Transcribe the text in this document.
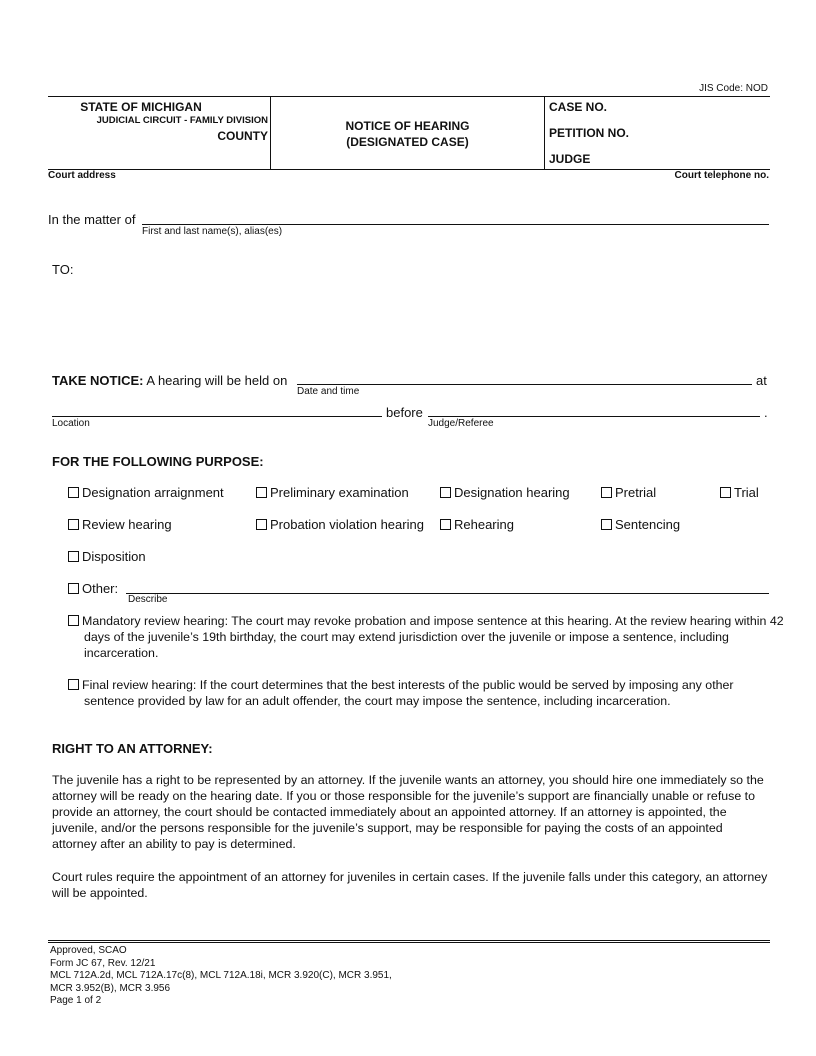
JIS Code: NOD
STATE OF MICHIGAN
JUDICIAL CIRCUIT - FAMILY DIVISION
COUNTY
NOTICE OF HEARING
(DESIGNATED CASE)
CASE NO.
PETITION NO.
JUDGE
Court address	Court telephone no.
In the matter of
First and last name(s), alias(es)
TO:
TAKE NOTICE: A hearing will be held on	at
Date and time
before	.
Location	Judge/Referee
FOR THE FOLLOWING PURPOSE:
Designation arraignment	Preliminary examination	Designation hearing	Pretrial	Trial
Review hearing	Probation violation hearing	Rehearing	Sentencing
Disposition
Other:
Describe
Mandatory review hearing: The court may revoke probation and impose sentence at this hearing. At the review hearing within 42 days of the juvenile’s 19th birthday, the court may extend jurisdiction over the juvenile or impose a sentence, including incarceration.
Final review hearing: If the court determines that the best interests of the public would be served by imposing any other sentence provided by law for an adult offender, the court may impose the sentence, including incarceration.
RIGHT TO AN ATTORNEY:
The juvenile has a right to be represented by an attorney. If the juvenile wants an attorney, you should hire one immediately so the attorney will be ready on the hearing date. If you or those responsible for the juvenile’s support are financially unable or refuse to provide an attorney, the court should be contacted immediately about an appointed attorney. If an attorney is appointed, the juvenile, and/or the persons responsible for the juvenile’s support, may be responsible for paying the costs of an appointed attorney after an ability to pay is determined.
Court rules require the appointment of an attorney for juveniles in certain cases. If the juvenile falls under this category, an attorney will be appointed.
Approved, SCAO
Form JC 67, Rev. 12/21
MCL 712A.2d, MCL 712A.17c(8), MCL 712A.18i, MCR 3.920(C), MCR 3.951,
MCR 3.952(B), MCR 3.956
Page 1 of 2
